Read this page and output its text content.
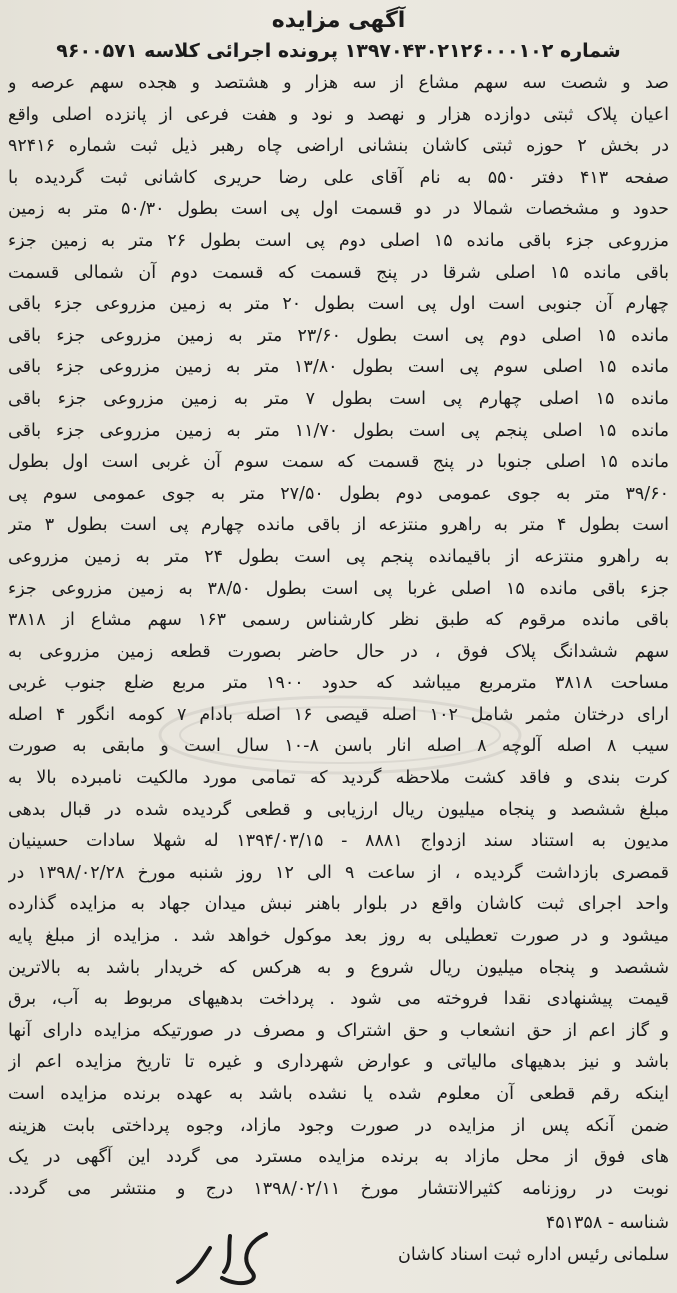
آگهی مزایده
شماره ۱۳۹۷۰۴۳۰۲۱۲۶۰۰۰۱۰۲ پرونده اجرائی کلاسه ۹۶۰۰۵۷۱
صد و شصت سه سهم مشاع از سه هزار و هشتصد و هجده سهم عرصه و
اعیان پلاک ثبتی دوازده هزار و نهصد و نود و هفت فرعی از پانزده اصلی واقع
در بخش ۲ حوزه ثبتی کاشان بنشانی اراضی چاه رهبر ذیل ثبت شماره ۹۲۴۱۶
صفحه ۴۱۳ دفتر ۵۵۰ به نام آقای علی رضا حریری کاشانی ثبت گردیده با
حدود و مشخصات شمالا در دو قسمت اول پی است بطول ۵۰/۳۰ متر به زمین
مزروعی جزء باقی مانده ۱۵ اصلی دوم پی است بطول ۲۶ متر به زمین جزء
باقی مانده ۱۵ اصلی شرقا در پنج قسمت که قسمت دوم آن شمالی قسمت
چهارم آن جنوبی است اول پی است بطول ۲۰ متر به زمین مزروعی جزء باقی
مانده ۱۵ اصلی دوم پی است بطول ۲۳/۶۰ متر به زمین مزروعی جزء باقی
مانده ۱۵ اصلی سوم پی است بطول ۱۳/۸۰ متر به زمین مزروعی جزء باقی
مانده ۱۵ اصلی چهارم پی است بطول ۷ متر به زمین مزروعی جزء باقی
مانده ۱۵ اصلی پنجم پی است بطول ۱۱/۷۰ متر به زمین مزروعی جزء باقی
مانده ۱۵ اصلی جنوبا در پنج قسمت که سمت سوم آن غربی است اول بطول
۳۹/۶۰ متر به جوی عمومی دوم بطول ۲۷/۵۰ متر به جوی عمومی سوم پی
است بطول ۴ متر به راهرو منتزعه از باقی مانده چهارم پی است بطول ۳ متر
به راهرو منتزعه از باقیمانده پنجم پی است بطول ۲۴ متر به زمین مزروعی
جزء باقی مانده ۱۵ اصلی غربا پی است بطول ۳۸/۵۰ به زمین مزروعی جزء
باقی مانده مرقوم که طبق نظر کارشناس رسمی ۱۶۳ سهم مشاع از ۳۸۱۸
سهم ششدانگ پلاک فوق ، در حال حاضر بصورت قطعه زمین مزروعی به
مساحت ۳۸۱۸ مترمربع میباشد که حدود ۱۹۰۰ متر مربع ضلع جنوب غربی
ارای درختان مثمر شامل ۱۰۲ اصله قیصی ۱۶ اصله بادام ۷ کومه انگور ۴ اصله
سیب ۸ اصله آلوچه ۸ اصله انار باسن ۸-۱۰ سال است و مابقی به صورت
کرت بندی و فاقد کشت ملاحظه گردید که تمامی مورد مالکیت نامبرده بالا به
مبلغ ششصد و پنجاه میلیون ریال ارزیابی و قطعی گردیده شده در قبال بدهی
مدیون به استناد سند ازدواج ۸۸۸۱ - ۱۳۹۴/۰۳/۱۵ له شهلا سادات حسینیان
قمصری بازداشت گردیده ، از ساعت ۹ الی ۱۲ روز شنبه مورخ ۱۳۹۸/۰۲/۲۸ در
واحد اجرای ثبت کاشان واقع در بلوار باهنر نبش میدان جهاد به مزایده گذارده
میشود و در صورت تعطیلی به روز بعد موکول خواهد شد . مزایده از مبلغ پایه
ششصد و پنجاه میلیون ریال شروع و به هرکس که خریدار باشد به بالاترین
قیمت پیشنهادی نقدا فروخته می شود . پرداخت بدهیهای مربوط به آب، برق
و گاز اعم از حق انشعاب و حق اشتراک و مصرف در صورتیکه مزایده دارای آنها
باشد و نیز بدهیهای مالیاتی و عوارض شهرداری و غیره تا تاریخ مزایده اعم از
اینکه رقم قطعی آن معلوم شده یا نشده باشد به عهده برنده مزایده است
ضمن آنکه پس از مزایده در صورت وجود مازاد، وجوه پرداختی بابت هزینه
های فوق از محل مازاد به برنده مزایده مسترد می گردد این آگهی در یک
نوبت در روزنامه کثیرالانتشار مورخ ۱۳۹۸/۰۲/۱۱ درج و منتشر می گردد.
شناسه - ۴۵۱۳۵۸
سلمانی رئیس اداره ثبت اسناد کاشان
